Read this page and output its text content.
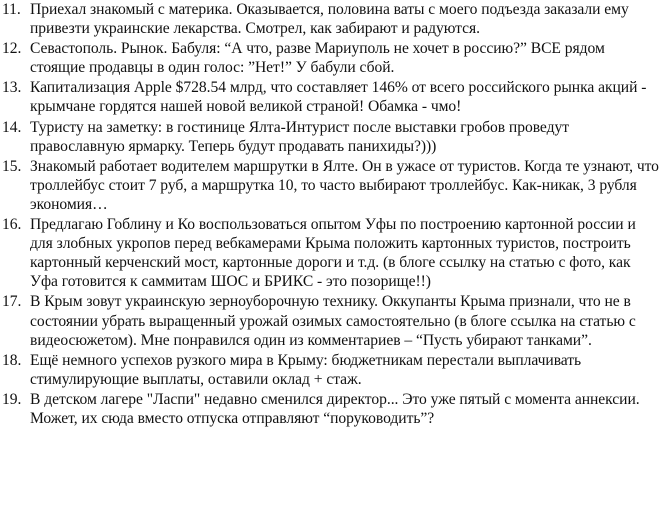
11. Приехал знакомый с материка. Оказывается, половина ваты с моего подъезда заказали ему привезти украинские лекарства. Смотрел, как забирают и радуются.

12. Севастополь. Рынок. Бабуля: “А что, разве Мариуполь не хочет в россию?” ВСЕ рядом стоящие продавцы в один голос: ”Нет!” У бабули сбой.

13. Капитализация Apple $728.54 млрд, что составляет 146% от всего российского рынка акций - крымчане гордятся нашей новой великой страной! Обамка - чмо!

14. Туристу на заметку: в гостинице Ялта-Интурист после выставки гробов проведут православную ярмарку. Теперь будут продавать панихиды?)))

15. Знакомый работает водителем маршрутки в Ялте. Он в ужасе от туристов. Когда те узнают, что троллейбус стоит 7 руб, а маршрутка 10, то часто выбирают троллейбус. Как-никак, 3 рубля экономия…

16. Предлагаю Гоблину и Ко воспользоваться опытом Уфы по построению картонной россии и для злобных укропов перед вебкамерами Крыма положить картонных туристов, построить картонный керченский мост, картонные дороги и т.д. (в блоге ссылку на статью с фото, как Уфа готовится к саммитам ШОС и БРИКС - это позорище!!)

17. В Крым зовут украинскую зерноуборочную технику. Оккупанты Крыма признали, что не в состоянии убрать выращенный урожай озимых самостоятельно (в блоге ссылка на статью с видеосюжетом). Мне понравился один из комментариев – “Пусть убирают танками”.

18. Ещё немного успехов рузкого мира в Крыму: бюджетникам перестали выплачивать стимулирующие выплаты, оставили оклад + стаж.

19. В детском лагере "Ласпи" недавно сменился директор... Это уже пятый с момента аннексии. Может, их сюда вместо отпуска отправляют “поруководить”?
